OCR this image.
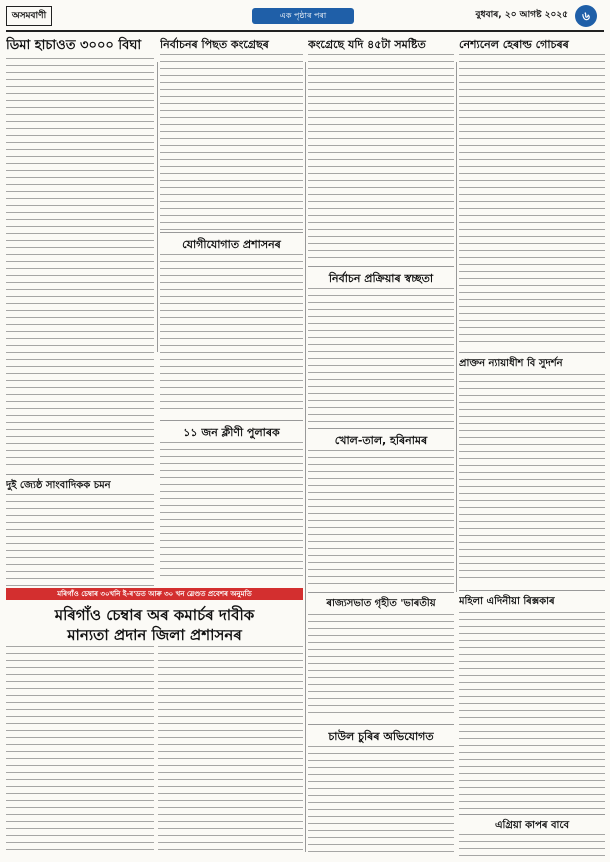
অসমবাণী	এক পৃষ্ঠাৰ পৰা	বুধবাৰ, ২০ আগষ্ট ২০২৫	৬
ডিমা হাচাওত ৩০০০ বিঘা	নিৰ্বাচনৰ পিছত কংগ্ৰেছৰ	কংগ্ৰেছে যদি ৪৫টা সমষ্টিত	নেশ্যনেল হেৰাল্ড গোচৰৰ
যোগীযোগাত প্ৰশাসনৰ
নিৰ্বাচন প্ৰক্ৰিয়াৰ স্বচ্ছতা
প্ৰাক্তন ন্যায়াধীশ বি সুদৰ্শন
দুই জ্যেষ্ঠ সাংবাদিকক চমন
১১ জন ক্লীণী পুলাৰক
খোল-তাল, হৰিনামৰ
মহিলা এদিনীয়া ৰিক্সকাৰ
মৰিগাঁও চেম্বাৰ ৩০খনি ই-ৰ'ডত আৰু ৩০ খন স্লেণ্ডত প্ৰবেশৰ অনুমতি
মৰিগাঁও চেম্বাৰ অৰ কমাৰ্চৰ দাবীক
মান্যতা প্ৰদান জিলা প্ৰশাসনৰ
ৰাজ্যসভাত গৃহীত 'ভাৰতীয়
চাউল চুৰিৰ অভিযোগত
এগ্ৰিয়া কাপৰ বাবে
